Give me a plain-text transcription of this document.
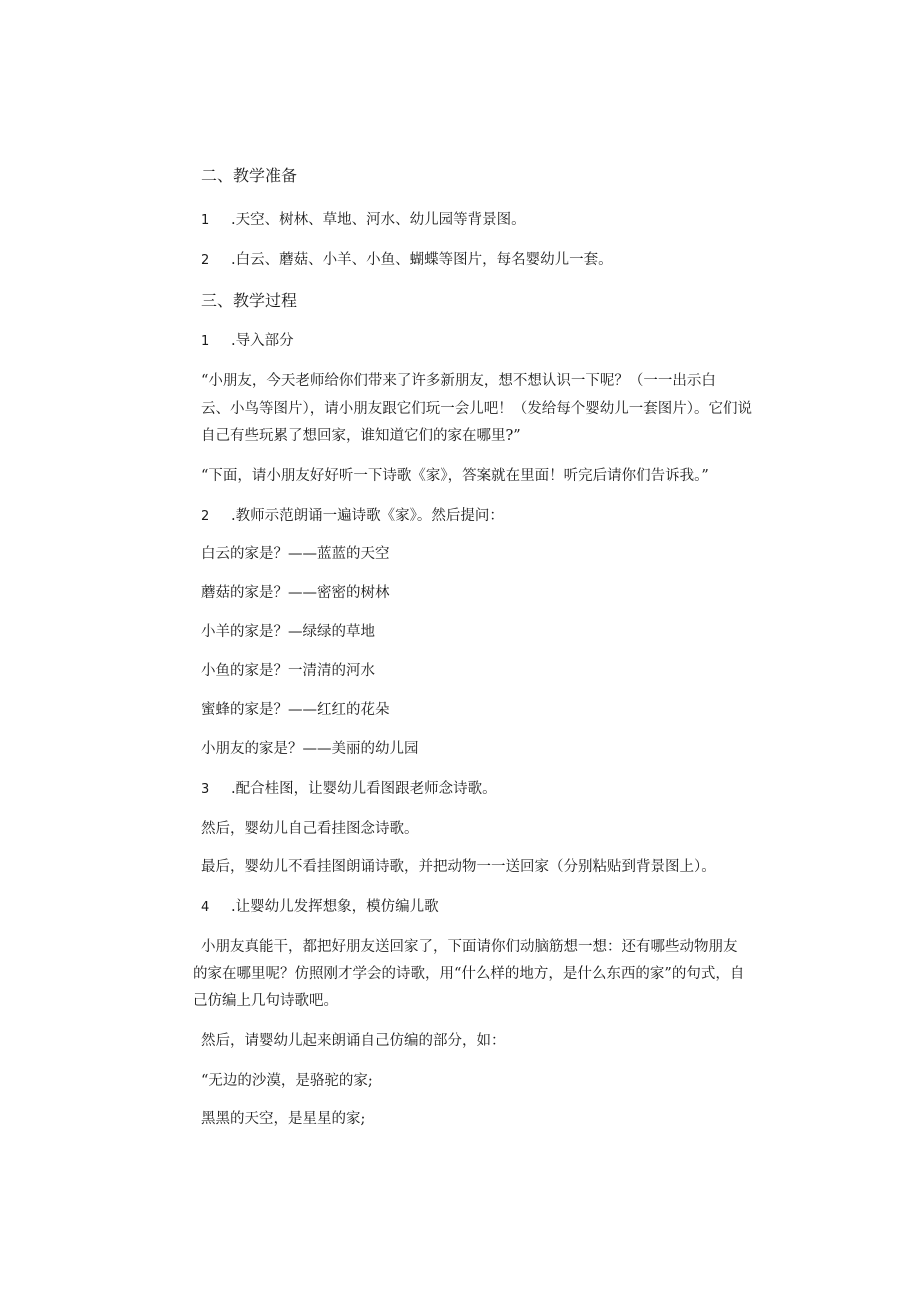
二、教学准备
1 .天空、树林、草地、河水、幼儿园等背景图。
2 .白云、蘑菇、小羊、小鱼、蝴蝶等图片，每名婴幼儿一套。
三、教学过程
1 .导入部分
“小朋友，今天老师给你们带来了许多新朋友，想不想认识一下呢？（一一出示白
云、小鸟等图片），请小朋友跟它们玩一会儿吧！（发给每个婴幼儿一套图片）。它们说
自己有些玩累了想回家，谁知道它们的家在哪里?”
“下面，请小朋友好好听一下诗歌《家》，答案就在里面！听完后请你们告诉我。”
2 .教师示范朗诵一遍诗歌《家》。然后提问：
白云的家是？——蓝蓝的天空
蘑菇的家是？——密密的树林
小羊的家是？—绿绿的草地
小鱼的家是？一清清的河水
蜜蜂的家是？——红红的花朵
小朋友的家是？——美丽的幼儿园
3 .配合桂图，让婴幼儿看图跟老师念诗歌。
然后，婴幼儿自己看挂图念诗歌。
最后，婴幼儿不看挂图朗诵诗歌，并把动物一一送回家（分别粘贴到背景图上）。
4 .让婴幼儿发挥想象，模仿编儿歌
小朋友真能干，都把好朋友送回家了，下面请你们动脑筋想一想：还有哪些动物朋友
的家在哪里呢？仿照刚才学会的诗歌，用“什么样的地方，是什么东西的家”的句式，自
己仿编上几句诗歌吧。
然后，请婴幼儿起来朗诵自己仿编的部分，如：
“无边的沙漠，是骆驼的家;
黑黑的天空，是星星的家;
